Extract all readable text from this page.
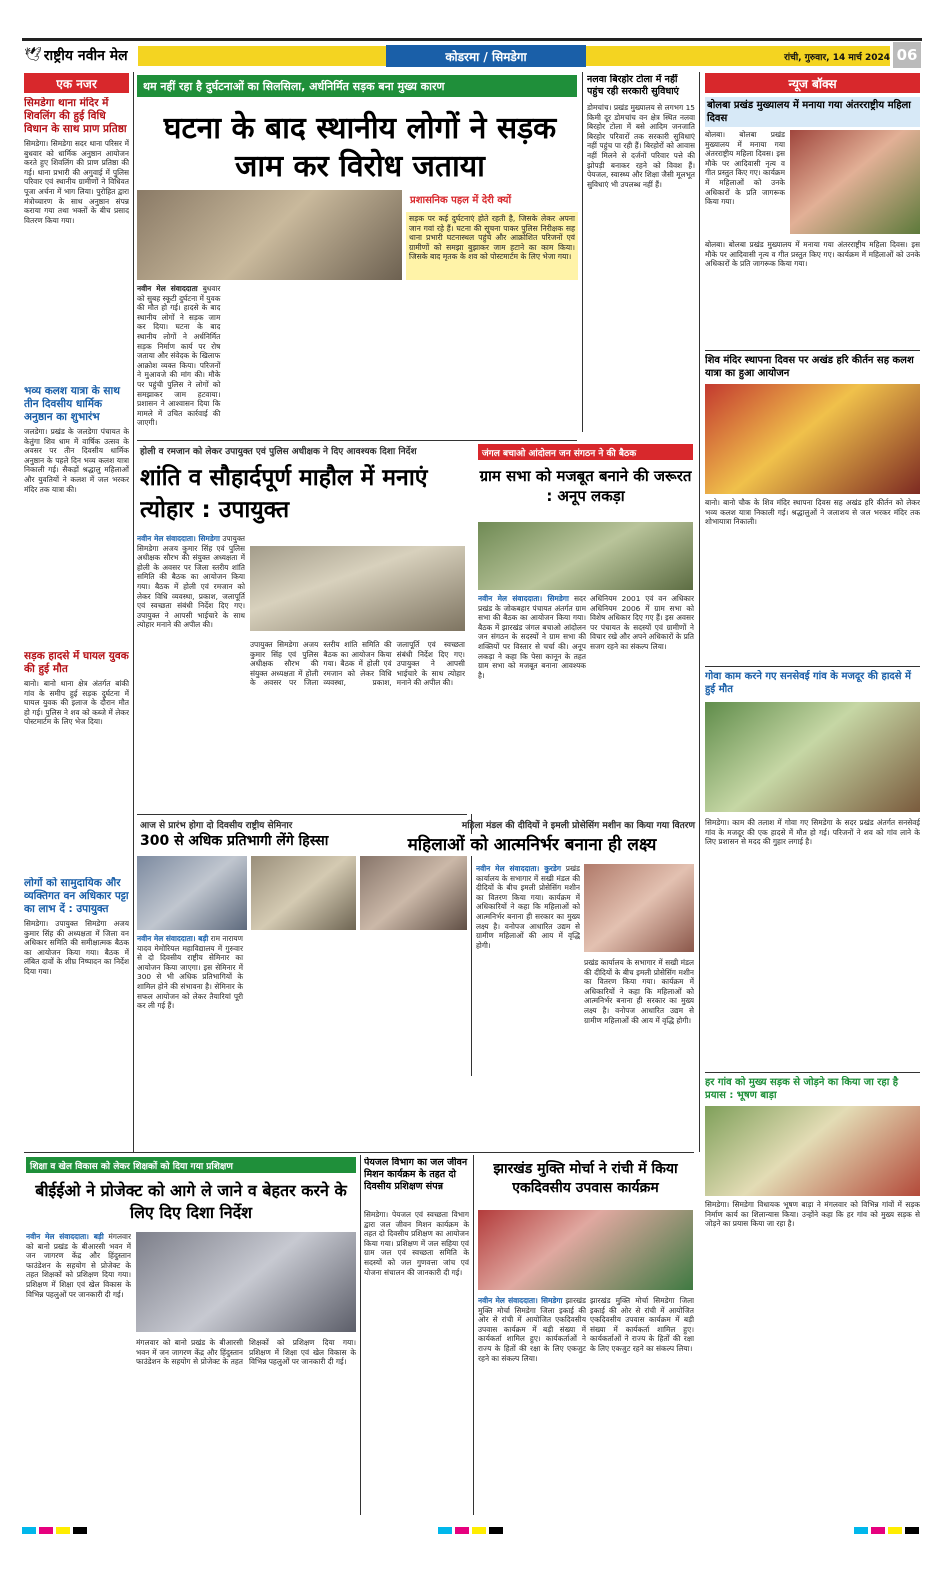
🕊 राष्ट्रीय नवीन मेल	कोडरमा / सिमडेगा	रांची, गुरुवार, 14 मार्च 2024 06
एक नजर
सिमडेगा थाना मंदिर में शिवलिंग की हुई विधि विधान के साथ प्राण प्रतिष्ठा
सिमडेगा। सिमडेगा सदर थाना परिसर में बुधवार को धार्मिक अनुष्ठान आयोजन करते हुए शिवलिंग की प्राण प्रतिष्ठा की गई। थाना प्रभारी की अगुवाई में पुलिस परिवार एवं स्थानीय ग्रामीणों ने विधिवत पूजा अर्चना में भाग लिया। पुरोहित द्वारा मंत्रोच्चारण के साथ अनुष्ठान संपन्न कराया गया तथा भक्तों के बीच प्रसाद वितरण किया गया।
भव्य कलश यात्रा के साथ तीन दिवसीय धार्मिक अनुष्ठान का शुभारंभ
जलडेगा। प्रखंड के जलडेगा पंचायत के केतुंगा शिव धाम में वार्षिक उत्सव के अवसर पर तीन दिवसीय धार्मिक अनुष्ठान के पहले दिन भव्य कलश यात्रा निकाली गई। सैकड़ों श्रद्धालु महिलाओं और युवतियों ने कलश में जल भरकर मंदिर तक यात्रा की।
सड़क हादसे में घायल युवक की हुई मौत
बानो। बानो थाना क्षेत्र अंतर्गत बांकी गांव के समीप हुई सड़क दुर्घटना में घायल युवक की इलाज के दौरान मौत हो गई। पुलिस ने शव को कब्जे में लेकर पोस्टमार्टम के लिए भेज दिया।
लोगों को सामुदायिक और व्यक्तिगत वन अधिकार पट्टा का लाभ दें : उपायुक्त
सिमडेगा। उपायुक्त सिमडेगा अजय कुमार सिंह की अध्यक्षता में जिला वन अधिकार समिति की समीक्षात्मक बैठक का आयोजन किया गया। बैठक में लंबित दावों के शीघ्र निष्पादन का निर्देश दिया गया।
थम नहीं रहा है दुर्घटनाओं का सिलसिला, अर्धनिर्मित सड़क बना मुख्य कारण
घटना के बाद स्थानीय लोगों ने सड़क जाम कर विरोध जताया
प्रशासनिक पहल में देरी क्यों
सड़क पर कई दुर्घटनाएं होते रहती है, जिसके लेकर अपना जान गवां रहे हैं। घटना की सूचना पाकर पुलिस निरीक्षक सह थाना प्रभारी घटनास्थल पहुंचे और आक्रोशित परिजनों एवं ग्रामीणों को समझा बुझाकर जाम हटाने का काम किया। जिसके बाद मृतक के शव को पोस्टमार्टम के लिए भेजा गया।
नवीन मेल संवाददाता बुधवार को सुबह स्कूटी दुर्घटना में युवक की मौत हो गई। हादसे के बाद स्थानीय लोगों ने सड़क जाम कर दिया। घटना के बाद स्थानीय लोगों ने अर्धनिर्मित सड़क निर्माण कार्य पर रोष जताया और संवेदक के खिलाफ आक्रोश व्यक्त किया। परिजनों ने मुआवजे की मांग की। मौके पर पहुंची पुलिस ने लोगों को समझाकर जाम हटवाया। प्रशासन ने आश्वासन दिया कि मामले में उचित कार्रवाई की जाएगी।
नलवा बिरहोर टोला में नहीं पहुंच रही सरकारी सुविधाएं
डोमचांच। प्रखंड मुख्यालय से लगभग 15 किमी दूर डोमचांच वन क्षेत्र स्थित नलवा बिरहोर टोला में बसे आदिम जनजाति बिरहोर परिवारों तक सरकारी सुविधाएं नहीं पहुंच पा रही हैं। बिरहोरों को आवास नहीं मिलने से दर्जनों परिवार पत्ते की झोपड़ी बनाकर रहने को विवश हैं। पेयजल, स्वास्थ्य और शिक्षा जैसी मूलभूत सुविधाएं भी उपलब्ध नहीं हैं।
होली व रमजान को लेकर उपायुक्त एवं पुलिस अधीक्षक ने दिए आवश्यक दिशा निर्देश
शांति व सौहार्दपूर्ण माहौल में मनाएं त्योहार : उपायुक्त
नवीन मेल संवाददाता। सिमडेगा उपायुक्त सिमडेगा अजय कुमार सिंह एवं पुलिस अधीक्षक सौरभ की संयुक्त अध्यक्षता में होली के अवसर पर जिला स्तरीय शांति समिति की बैठक का आयोजन किया गया। बैठक में होली एवं रमजान को लेकर विधि व्यवस्था, प्रकाश, जलापूर्ति एवं स्वच्छता संबंधी निर्देश दिए गए। उपायुक्त ने आपसी भाईचारे के साथ त्योहार मनाने की अपील की।
उपायुक्त सिमडेगा अजय कुमार सिंह एवं पुलिस अधीक्षक सौरभ की संयुक्त अध्यक्षता में होली के अवसर पर जिला स्तरीय शांति समिति की बैठक का आयोजन किया गया। बैठक में होली एवं रमजान को लेकर विधि व्यवस्था, प्रकाश, जलापूर्ति एवं स्वच्छता संबंधी निर्देश दिए गए। उपायुक्त ने आपसी भाईचारे के साथ त्योहार मनाने की अपील की।
जंगल बचाओ आंदोलन जन संगठन ने की बैठक
ग्राम सभा को मजबूत बनाने की जरूरत : अनूप लकड़ा
नवीन मेल संवाददाता। सिमडेगा सदर प्रखंड के जोकबहार पंचायत अंतर्गत ग्राम सभा की बैठक का आयोजन किया गया। बैठक में झारखंड जंगल बचाओ आंदोलन जन संगठन के सदस्यों ने ग्राम सभा की शक्तियों पर विस्तार से चर्चा की। अनूप लकड़ा ने कहा कि पेसा कानून के तहत ग्राम सभा को मजबूत बनाना आवश्यक है।
अधिनियम 2001 एवं वन अधिकार अधिनियम 2006 में ग्राम सभा को विशेष अधिकार दिए गए हैं। इस अवसर पर पंचायत के सदस्यों एवं ग्रामीणों ने विचार रखे और अपने अधिकारों के प्रति सजग रहने का संकल्प लिया।
आज से प्रारंभ होगा दो दिवसीय राष्ट्रीय सेमिनार
300 से अधिक प्रतिभागी लेंगे हिस्सा
नवीन मेल संवाददाता। बड़ी राम नारायण यादव मेमोरियल महाविद्यालय में गुरुवार से दो दिवसीय राष्ट्रीय सेमिनार का आयोजन किया जाएगा। इस सेमिनार में 300 से भी अधिक प्रतिभागियों के शामिल होने की संभावना है। सेमिनार के सफल आयोजन को लेकर तैयारियां पूरी कर ली गई हैं।
महिला मंडल की दीदियों ने इमली प्रोसेसिंग मशीन का किया गया वितरण
महिलाओं को आत्मनिर्भर बनाना ही लक्ष्य
नवीन मेल संवाददाता। कुरडेग प्रखंड कार्यालय के सभागार में सखी मंडल की दीदियों के बीच इमली प्रोसेसिंग मशीन का वितरण किया गया। कार्यक्रम में अधिकारियों ने कहा कि महिलाओं को आत्मनिर्भर बनाना ही सरकार का मुख्य लक्ष्य है। वनोपज आधारित उद्यम से ग्रामीण महिलाओं की आय में वृद्धि होगी।
प्रखंड कार्यालय के सभागार में सखी मंडल की दीदियों के बीच इमली प्रोसेसिंग मशीन का वितरण किया गया। कार्यक्रम में अधिकारियों ने कहा कि महिलाओं को आत्मनिर्भर बनाना ही सरकार का मुख्य लक्ष्य है। वनोपज आधारित उद्यम से ग्रामीण महिलाओं की आय में वृद्धि होगी।
शिक्षा व खेल विकास को लेकर शिक्षकों को दिया गया प्रशिक्षण
बीईईओ ने प्रोजेक्ट को आगे ले जाने व बेहतर करने के लिए दिए दिशा निर्देश
नवीन मेल संवाददाता। बड़ी मंगलवार को बानो प्रखंड के बीआरसी भवन में जन जागरण केंद्र और हिंदुस्तान फाउंडेशन के सहयोग से प्रोजेक्ट के तहत शिक्षकों को प्रशिक्षण दिया गया। प्रशिक्षण में शिक्षा एवं खेल विकास के विभिन्न पहलुओं पर जानकारी दी गई।
मंगलवार को बानो प्रखंड के बीआरसी भवन में जन जागरण केंद्र और हिंदुस्तान फाउंडेशन के सहयोग से प्रोजेक्ट के तहत शिक्षकों को प्रशिक्षण दिया गया। प्रशिक्षण में शिक्षा एवं खेल विकास के विभिन्न पहलुओं पर जानकारी दी गई।
पेयजल विभाग का जल जीवन मिशन कार्यक्रम के तहत दो दिवसीय प्रशिक्षण संपन्न
सिमडेगा। पेयजल एवं स्वच्छता विभाग द्वारा जल जीवन मिशन कार्यक्रम के तहत दो दिवसीय प्रशिक्षण का आयोजन किया गया। प्रशिक्षण में जल सहिया एवं ग्राम जल एवं स्वच्छता समिति के सदस्यों को जल गुणवत्ता जांच एवं योजना संचालन की जानकारी दी गई।
झारखंड मुक्ति मोर्चा ने रांची में किया एकदिवसीय उपवास कार्यक्रम
नवीन मेल संवाददाता। सिमडेगा झारखंड मुक्ति मोर्चा सिमडेगा जिला इकाई की ओर से रांची में आयोजित एकदिवसीय उपवास कार्यक्रम में बड़ी संख्या में कार्यकर्ता शामिल हुए। कार्यकर्ताओं ने राज्य के हितों की रक्षा के लिए एकजुट रहने का संकल्प लिया।
झारखंड मुक्ति मोर्चा सिमडेगा जिला इकाई की ओर से रांची में आयोजित एकदिवसीय उपवास कार्यक्रम में बड़ी संख्या में कार्यकर्ता शामिल हुए। कार्यकर्ताओं ने राज्य के हितों की रक्षा के लिए एकजुट रहने का संकल्प लिया।
न्यूज बॉक्स
बोलबा प्रखंड मुख्यालय में मनाया गया अंतरराष्ट्रीय महिला दिवस
बोलबा। बोलबा प्रखंड मुख्यालय में मनाया गया अंतरराष्ट्रीय महिला दिवस। इस मौके पर आदिवासी नृत्य व गीत प्रस्तुत किए गए। कार्यक्रम में महिलाओं को उनके अधिकारों के प्रति जागरूक किया गया।
बोलबा। बोलबा प्रखंड मुख्यालय में मनाया गया अंतरराष्ट्रीय महिला दिवस। इस मौके पर आदिवासी नृत्य व गीत प्रस्तुत किए गए। कार्यक्रम में महिलाओं को उनके अधिकारों के प्रति जागरूक किया गया।
शिव मंदिर स्थापना दिवस पर अखंड हरि कीर्तन सह कलश यात्रा का हुआ आयोजन
बानो। बानो चौक के शिव मंदिर स्थापना दिवस सह अखंड हरि कीर्तन को लेकर भव्य कलश यात्रा निकाली गई। श्रद्धालुओं ने जलाशय से जल भरकर मंदिर तक शोभायात्रा निकाली।
गोवा काम करने गए सनसेवई गांव के मजदूर की हादसे में हुई मौत
सिमडेगा। काम की तलाश में गोवा गए सिमडेगा के सदर प्रखंड अंतर्गत सनसेवई गांव के मजदूर की एक हादसे में मौत हो गई। परिजनों ने शव को गांव लाने के लिए प्रशासन से मदद की गुहार लगाई है।
हर गांव को मुख्य सड़क से जोड़ने का किया जा रहा है प्रयास : भूषण बाड़ा
सिमडेगा। सिमडेगा विधायक भूषण बाड़ा ने मंगलवार को विभिन्न गांवों में सड़क निर्माण कार्य का शिलान्यास किया। उन्होंने कहा कि हर गांव को मुख्य सड़क से जोड़ने का प्रयास किया जा रहा है।
